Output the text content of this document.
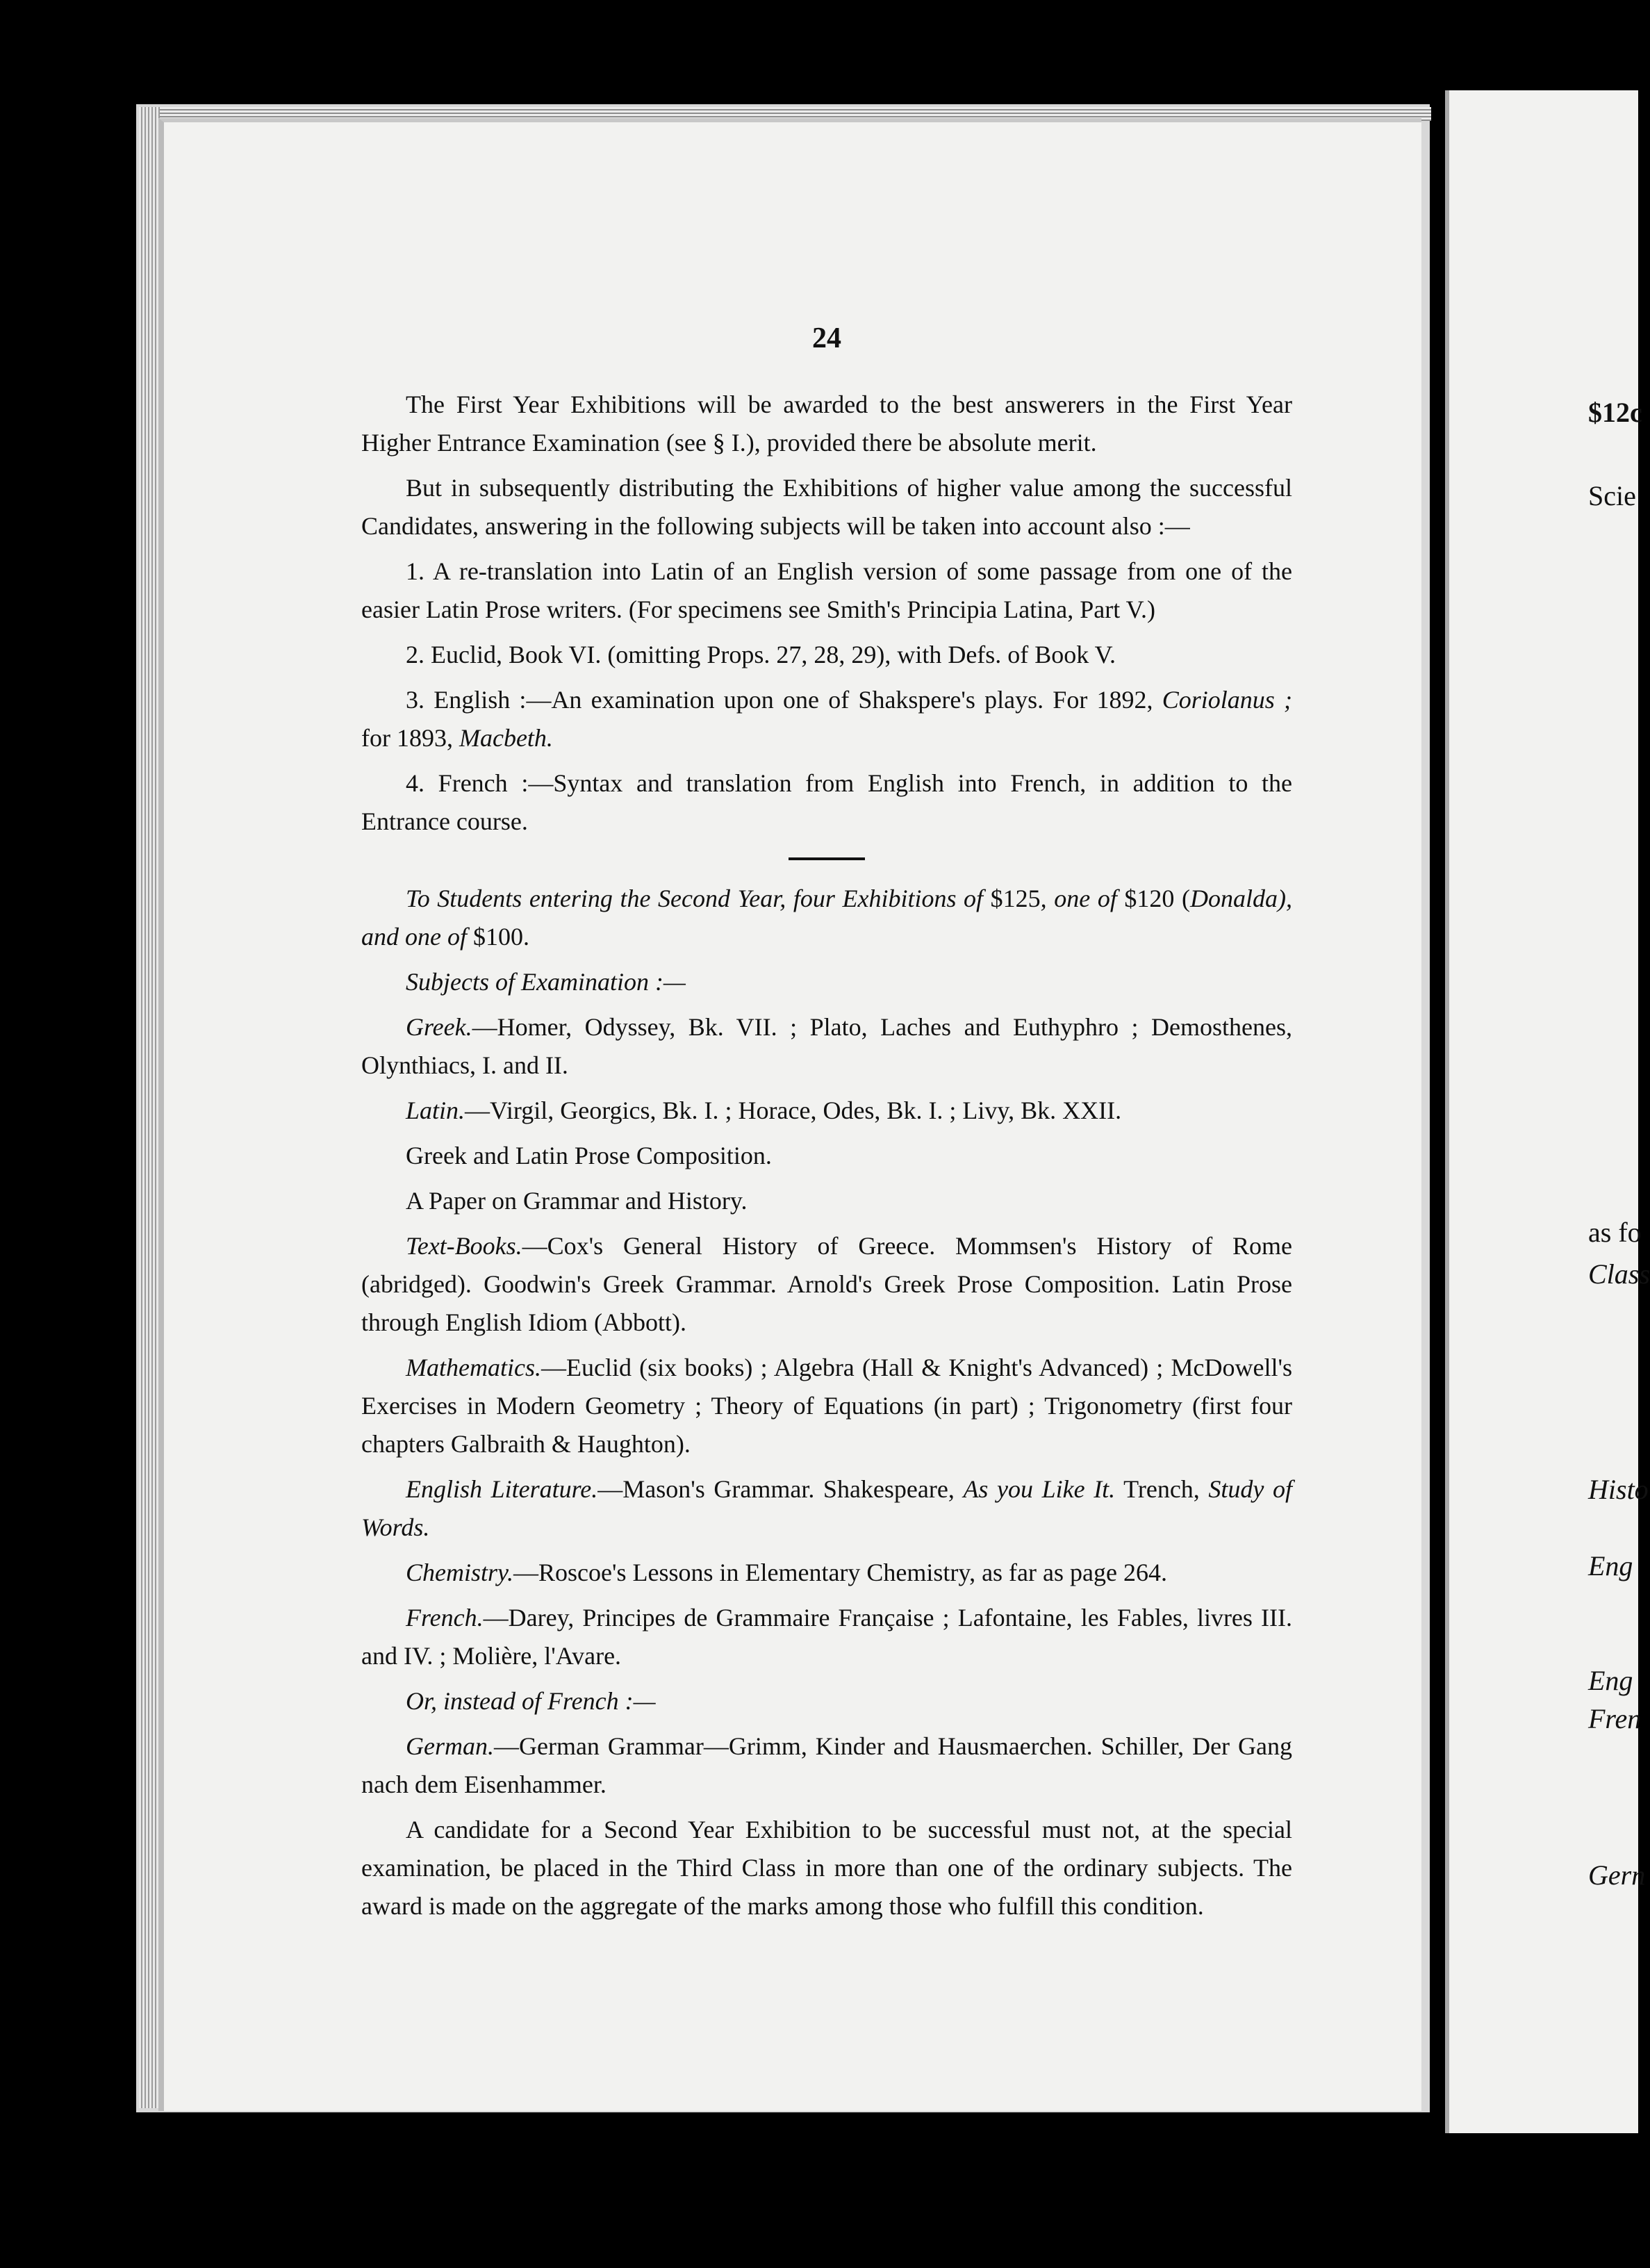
$12c
Scie
as fo
Class
Histo
Eng
Eng
Fren
Gern
24

The First Year Exhibitions will be awarded to the best answerers in the First Year Higher Entrance Examination (see § I.), provided there be absolute merit.

But in subsequently distributing the Exhibitions of higher value among the successful Candidates, answering in the following subjects will be taken into account also :—

1. A re-translation into Latin of an English version of some passage from one of the easier Latin Prose writers. (For specimens see Smith's Principia Latina, Part V.)

2. Euclid, Book VI. (omitting Props. 27, 28, 29), with Defs. of Book V.

3. English :—An examination upon one of Shakspere's plays. For 1892, Coriolanus ; for 1893, Macbeth.

4. French :—Syntax and translation from English into French, in addition to the Entrance course.

To Students entering the Second Year, four Exhibitions of $125, one of $120 (Donalda), and one of $100.

Subjects of Examination :—

Greek.—Homer, Odyssey, Bk. VII. ; Plato, Laches and Euthyphro ; Demosthenes, Olynthiacs, I. and II.

Latin.—Virgil, Georgics, Bk. I. ; Horace, Odes, Bk. I. ; Livy, Bk. XXII.

Greek and Latin Prose Composition.

A Paper on Grammar and History.

Text-Books.—Cox's General History of Greece. Mommsen's History of Rome (abridged). Goodwin's Greek Grammar. Arnold's Greek Prose Composition. Latin Prose through English Idiom (Abbott).

Mathematics.—Euclid (six books) ; Algebra (Hall & Knight's Advanced) ; McDowell's Exercises in Modern Geometry ; Theory of Equations (in part) ; Trigonometry (first four chapters Galbraith & Haughton).

English Literature.—Mason's Grammar. Shakespeare, As you Like It. Trench, Study of Words.

Chemistry.—Roscoe's Lessons in Elementary Chemistry, as far as page 264.

French.—Darey, Principes de Grammaire Française ; Lafontaine, les Fables, livres III. and IV. ; Molière, l'Avare.

Or, instead of French :—

German.—German Grammar—Grimm, Kinder and Hausmaerchen. Schiller, Der Gang nach dem Eisenhammer.

A candidate for a Second Year Exhibition to be successful must not, at the special examination, be placed in the Third Class in more than one of the ordinary subjects. The award is made on the aggregate of the marks among those who fulfill this condition.
